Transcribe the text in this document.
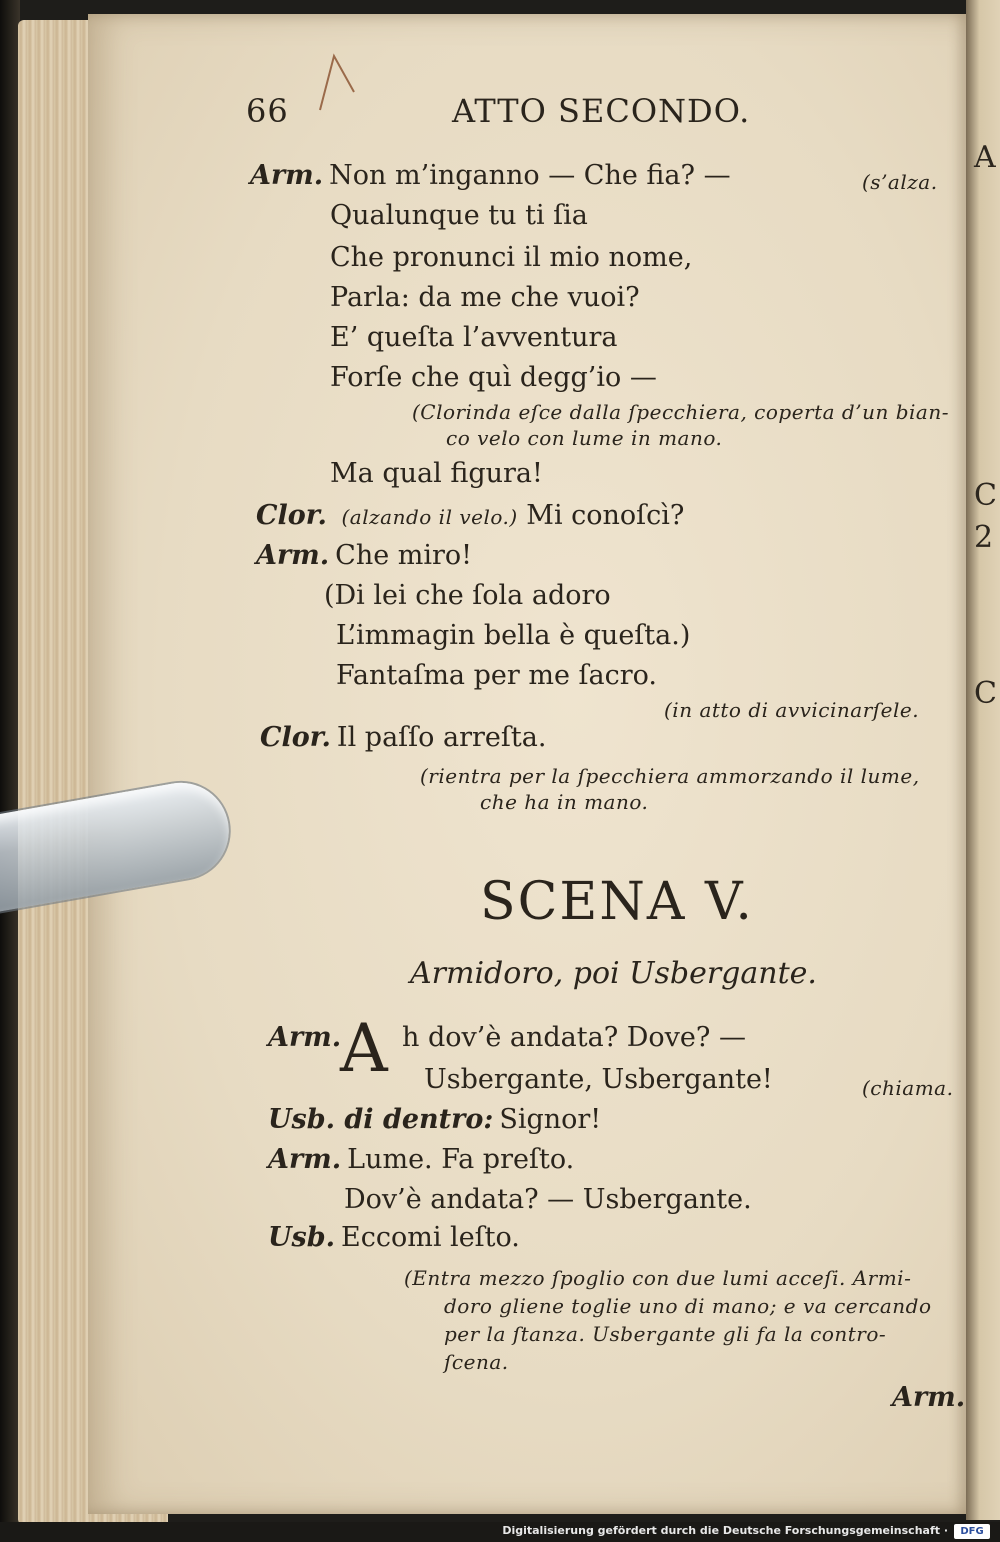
A
C
2
C
66	ATTO SECONDO.
Arm. Non m’inganno — Che fia? —	(s’alza.
Qualunque tu ti ſia
Che pronunci il mio nome,
Parla: da me che vuoi?
E’ queſta l’avventura
Forſe che quì degg’io —
(Clorinda eſce dalla ſpecchiera, coperta d’un bian-
co velo con lume in mano.
Ma qual figura!
Clor. (alzando il velo.) Mi conoſcì?
Arm. Che miro!
(Di lei che ſola adoro
L’immagin bella è queſta.)
Fantaſma per me ſacro.
(in atto di avvicinarſele.
Clor. Il paſſo arreſta.
(rientra per la ſpecchiera ammorzando il lume,
che ha in mano.
SCENA V.
Armidoro, poi Usbergante.
Arm.
A h dov’è andata? Dove? —
Usbergante, Usbergante!	(chiama.
Usb. di dentro: Signor!
Arm. Lume. Fa preſto.
Dov’è andata? — Usbergante.
Usb. Eccomi leſto.
(Entra mezzo ſpoglio con due lumi acceſi. Armi-
doro gliene toglie uno di mano; e va cercando
per la ſtanza. Usbergante gli fa la contro-
ſcena.
Arm.
Digitalisierung gefördert durch die Deutsche Forschungsgemeinschaft ·	DFG
